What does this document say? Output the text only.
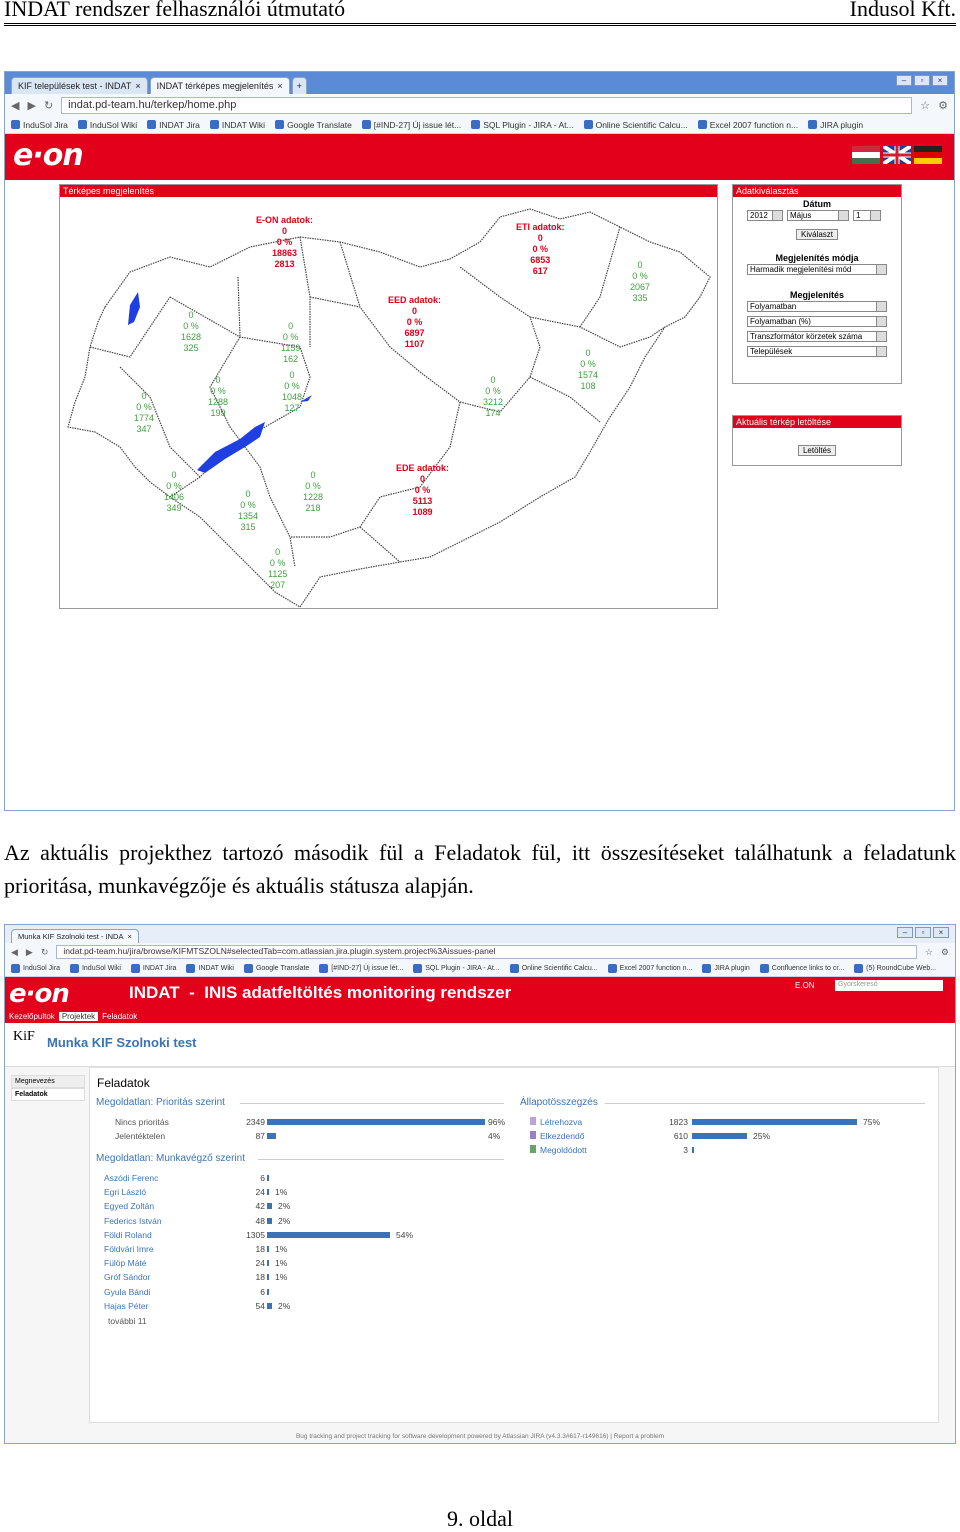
INDAT rendszer felhasználói útmutató	Indusol Kft.
KIF települések test - INDAT × INDAT térképes megjelenítés ×	+
–	▫	×
◀ ▶ ↻	indat.pd-team.hu/terkep/home.php	☆ ⚙
InduSol Jira	InduSol Wiki	INDAT Jira	INDAT Wiki	Google Translate	[#IND-27] Új issue lét...	SQL Plugin - JIRA - At...	Online Scientific Calcu...	Excel 2007 function n...	JIRA plugin
e·on
Térképes megjelenítés
E-ON adatok:
0
0 %
18863
2813
ETI adatok:
0
0 %
6853
617
EED adatok:
0
0 %
6897
1107
EDE adatok:
0
0 %
5113
1089
0
0 %
1628
325
0
0 %
1159
162
0
0 %
1774
347
0
0 %
1288
199
0
0 %
1048
127
0
0 %
2067
335
0
0 %
1574
108
0
0 %
3212
174
0
0 %
1406
349
0
0 %
1354
315
0
0 %
1228
218
0
0 %
1125
207
Adatkiválasztás
Dátum
2012	Május	1
Kiválaszt
Megjelenítés módja
Harmadik megjelenítési mód
Megjelenítés
Folyamatban
Folyamatban (%)
Transzformátor körzetek száma
Települések
Aktuális térkép letöltése
Letöltés
Az aktuális projekthez tartozó második fül a Feladatok fül, itt összesítéseket találhatunk a feladatunk prioritása, munkavégzője és aktuális státusza alapján.
Munka KIF Szolnoki test - INDA ×	–	▫	×
◀ ▶ ↻	indat.pd-team.hu/jira/browse/KIFMTSZOLN#selectedTab=com.atlassian.jira.plugin.system.project%3Aissues-panel	☆ ⚙
InduSol Jira	InduSol Wiki	INDAT Jira	INDAT Wiki	Google Translate	[#IND-27] Új issue lét...	SQL Plugin - JIRA - At...	Online Scientific Calcu...	Excel 2007 function n...	JIRA plugin	Confluence links to cr...	(5) RoundCube Web...
e·on	INDAT  -  INIS adatfeltöltés monitoring rendszer	E.ON	Gyorskereső
Kezelőpultok Projektek Feladatok
KiF Munka KIF Szolnoki test
Megnevezés
Feladatok
Feladatok
Megoldatlan: Prioritás szerint
Megoldatlan: Munkavégző szerint
Állapotösszegzés
Nincs prioritás	2349	96%
Jelentéktelen	87	4%
Aszódi Ferenc	6
Egri László	24 1%
Egyed Zoltán	42 2%
Federics István	48 2%
Földi Roland	1305	54%
Földvári Imre	18 1%
Fülöp Máté	24 1%
Gróf Sándor	18 1%
Gyula Bándi	6
Hajas Péter	54 2%
Létrehozva	1823	75%
Elkezdendő	610	25%
Megoldódott	3
további 11
Bug tracking and project tracking for software development powered by Atlassian JIRA (v4.3.3#617-r149616) | Report a problem
9. oldal
